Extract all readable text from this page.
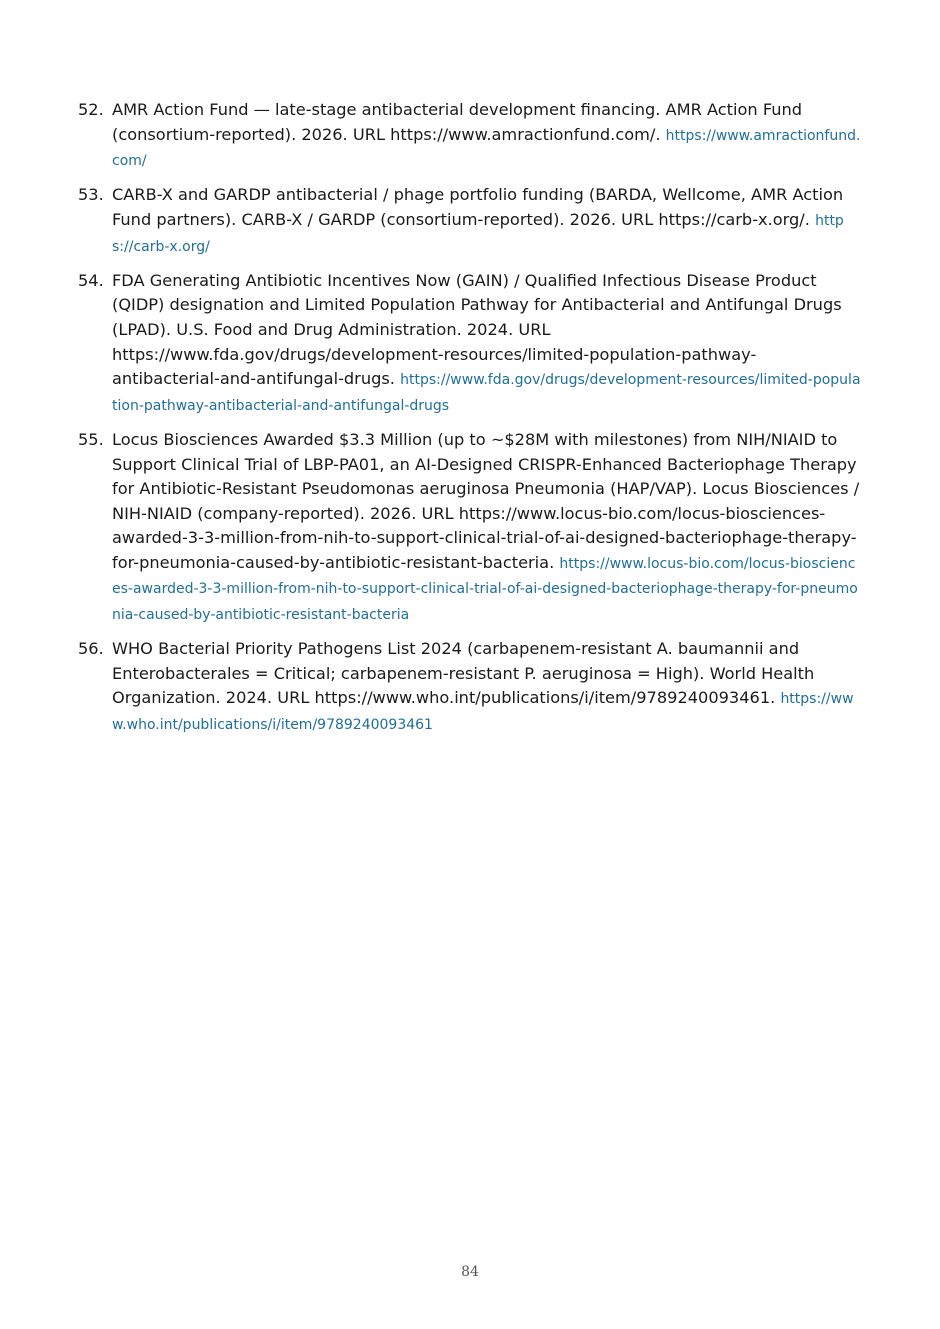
52. AMR Action Fund — late-stage antibacterial development financing. AMR Action Fund (consortium-reported). 2026. URL https://www.amractionfund.com/. https://www.amractionfund.com/
53. CARB-X and GARDP antibacterial / phage portfolio funding (BARDA, Wellcome, AMR Action Fund partners). CARB-X / GARDP (consortium-reported). 2026. URL https://carb-x.org/. https://carb-x.org/
54. FDA Generating Antibiotic Incentives Now (GAIN) / Qualified Infectious Disease Product (QIDP) designation and Limited Population Pathway for Antibacterial and Antifungal Drugs (LPAD). U.S. Food and Drug Administration. 2024. URL https://www.fda.gov/drugs/development-resources/limited-population-pathway-antibacterial-and-antifungal-drugs. https://www.fda.gov/drugs/development-resources/limited-population-pathway-antibacterial-and-antifungal-drugs
55. Locus Biosciences Awarded $3.3 Million (up to ~$28M with milestones) from NIH/NIAID to Support Clinical Trial of LBP-PA01, an AI-Designed CRISPR-Enhanced Bacteriophage Therapy for Antibiotic-Resistant Pseudomonas aeruginosa Pneumonia (HAP/VAP). Locus Biosciences / NIH-NIAID (company-reported). 2026. URL https://www.locus-bio.com/locus-biosciences-awarded-3-3-million-from-nih-to-support-clinical-trial-of-ai-designed-bacteriophage-therapy-for-pneumonia-caused-by-antibiotic-resistant-bacteria. https://www.locus-bio.com/locus-biosciences-awarded-3-3-million-from-nih-to-support-clinical-trial-of-ai-designed-bacteriophage-therapy-for-pneumonia-caused-by-antibiotic-resistant-bacteria
56. WHO Bacterial Priority Pathogens List 2024 (carbapenem-resistant A. baumannii and Enterobacterales = Critical; carbapenem-resistant P. aeruginosa = High). World Health Organization. 2024. URL https://www.who.int/publications/i/item/9789240093461. https://www.who.int/publications/i/item/9789240093461
84
